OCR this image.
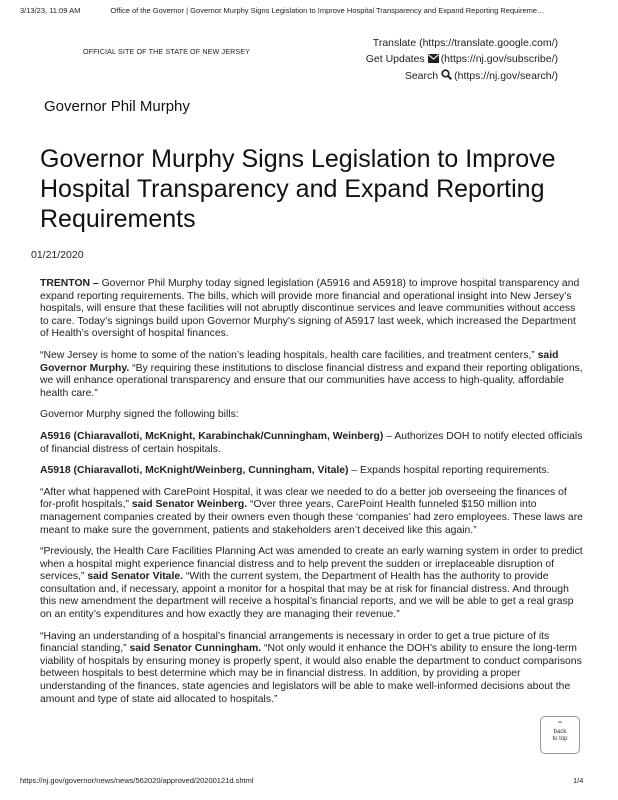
3/13/23, 11:09 AM	Office of the Governor | Governor Murphy Signs Legislation to Improve Hospital Transparency and Expand Reporting Requireme…
OFFICIAL SITE OF THE STATE OF NEW JERSEY
Translate (https://translate.google.com/)
Get Updates (https://nj.gov/subscribe/)
Search (https://nj.gov/search/)
Governor Phil Murphy
Governor Murphy Signs Legislation to Improve Hospital Transparency and Expand Reporting Requirements
01/21/2020

TRENTON – Governor Phil Murphy today signed legislation (A5916 and A5918) to improve hospital transparency and expand reporting requirements. The bills, which will provide more financial and operational insight into New Jersey’s hospitals, will ensure that these facilities will not abruptly discontinue services and leave communities without access to care. Today’s signings build upon Governor Murphy's signing of A5917 last week, which increased the Department of Health’s oversight of hospital finances.

“New Jersey is home to some of the nation’s leading hospitals, health care facilities, and treatment centers,” said Governor Murphy. “By requiring these institutions to disclose financial distress and expand their reporting obligations, we will enhance operational transparency and ensure that our communities have access to high-quality, affordable health care.”

Governor Murphy signed the following bills:

A5916 (Chiaravalloti, McKnight, Karabinchak/Cunningham, Weinberg) – Authorizes DOH to notify elected officials of financial distress of certain hospitals.

A5918 (Chiaravalloti, McKnight/Weinberg, Cunningham, Vitale) – Expands hospital reporting requirements.

“After what happened with CarePoint Hospital, it was clear we needed to do a better job overseeing the finances of for-profit hospitals,” said Senator Weinberg. “Over three years, CarePoint Health funneled $150 million into management companies created by their owners even though these ‘companies’ had zero employees. These laws are meant to make sure the government, patients and stakeholders aren’t deceived like this again.”

“Previously, the Health Care Facilities Planning Act was amended to create an early warning system in order to predict when a hospital might experience financial distress and to help prevent the sudden or irreplaceable disruption of services,” said Senator Vitale. “With the current system, the Department of Health has the authority to provide consultation and, if necessary, appoint a monitor for a hospital that may be at risk for financial distress. And through this new amendment the department will receive a hospital’s financial reports, and we will be able to get a real grasp on an entity’s expenditures and how exactly they are managing their revenue.”

“Having an understanding of a hospital’s financial arrangements is necessary in order to get a true picture of its financial standing,” said Senator Cunningham. “Not only would it enhance the DOH’s ability to ensure the long-term viability of hospitals by ensuring money is properly spent, it would also enable the department to conduct comparisons between hospitals to best determine which may be in financial distress. In addition, by providing a proper understanding of the finances, state agencies and legislators will be able to make well-informed decisions about the amount and type of state aid allocated to hospitals.”

⌃
back
to top
https://nj.gov/governor/news/news/562020/approved/20200121d.shtml	1/4
